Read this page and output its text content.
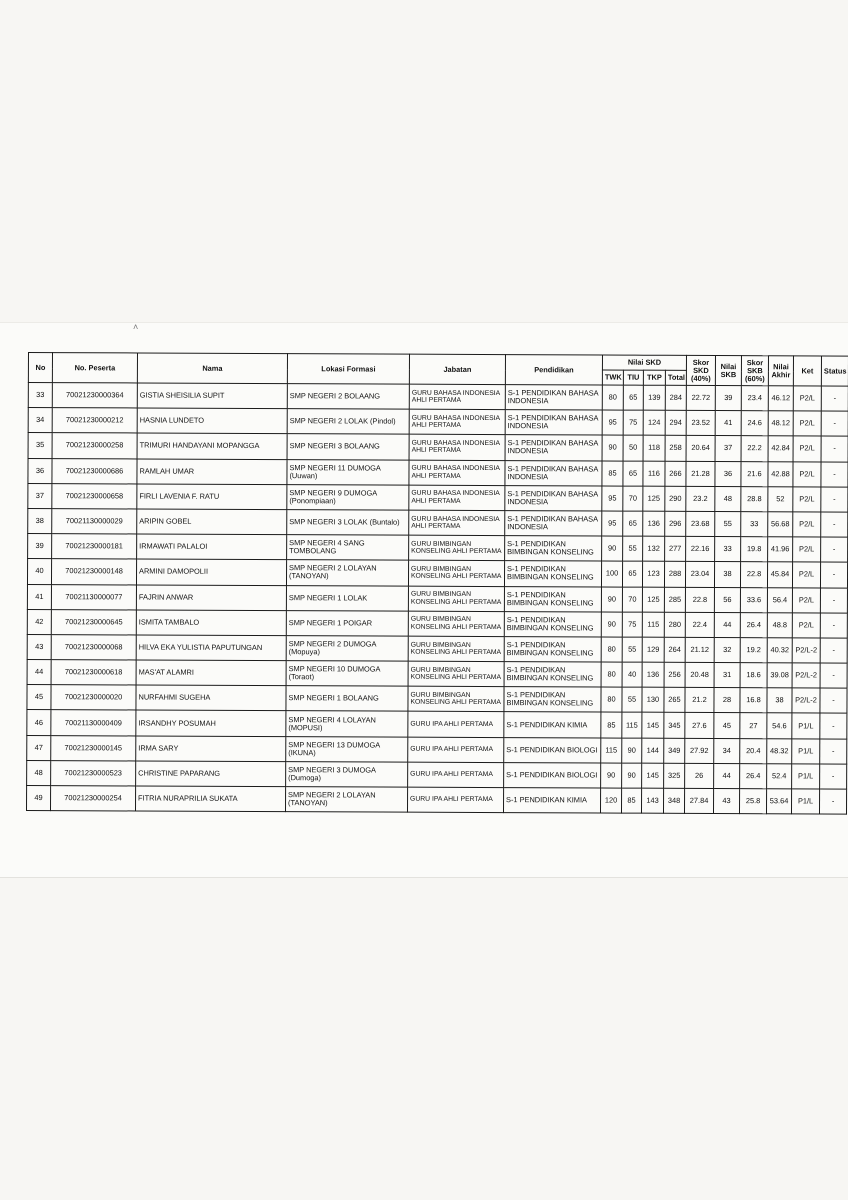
˄
No	No. Peserta	Nama	Lokasi Formasi	Jabatan	Pendidikan	Nilai SKD				Skor SKD (40%)	Nilai SKB	Skor SKB (60%)	Nilai Akhir	Ket	Status
						TWK	TIU	TKP	Total						
33	70021230000364	GISTIA SHEISILIA SUPIT	SMP NEGERI 2 BOLAANG	GURU BAHASA INDONESIA AHLI PERTAMA	S-1 PENDIDIKAN BAHASA INDONESIA	80	65	139	284	22.72	39	23.4	46.12	P2/L	-
34	70021230000212	HASNIA LUNDETO	SMP NEGERI 2 LOLAK (Pindol)	GURU BAHASA INDONESIA AHLI PERTAMA	S-1 PENDIDIKAN BAHASA INDONESIA	95	75	124	294	23.52	41	24.6	48.12	P2/L	-
35	70021230000258	TRIMURI HANDAYANI MOPANGGA	SMP NEGERI 3 BOLAANG	GURU BAHASA INDONESIA AHLI PERTAMA	S-1 PENDIDIKAN BAHASA INDONESIA	90	50	118	258	20.64	37	22.2	42.84	P2/L	-
36	70021230000686	RAMLAH UMAR	SMP NEGERI 11 DUMOGA (Uuwan)	GURU BAHASA INDONESIA AHLI PERTAMA	S-1 PENDIDIKAN BAHASA INDONESIA	85	65	116	266	21.28	36	21.6	42.88	P2/L	-
37	70021230000658	FIRLI LAVENIA F. RATU	SMP NEGERI 9 DUMOGA (Ponompiaan)	GURU BAHASA INDONESIA AHLI PERTAMA	S-1 PENDIDIKAN BAHASA INDONESIA	95	70	125	290	23.2	48	28.8	52	P2/L	-
38	70021130000029	ARIPIN GOBEL	SMP NEGERI 3 LOLAK (Buntalo)	GURU BAHASA INDONESIA AHLI PERTAMA	S-1 PENDIDIKAN BAHASA INDONESIA	95	65	136	296	23.68	55	33	56.68	P2/L	-
39	70021230000181	IRMAWATI PALALOI	SMP NEGERI 4 SANG TOMBOLANG	GURU BIMBINGAN KONSELING AHLI PERTAMA	S-1 PENDIDIKAN BIMBINGAN KONSELING	90	55	132	277	22.16	33	19.8	41.96	P2/L	-
40	70021230000148	ARMINI DAMOPOLII	SMP NEGERI 2 LOLAYAN (TANOYAN)	GURU BIMBINGAN KONSELING AHLI PERTAMA	S-1 PENDIDIKAN BIMBINGAN KONSELING	100	65	123	288	23.04	38	22.8	45.84	P2/L	-
41	70021130000077	FAJRIN ANWAR	SMP NEGERI 1 LOLAK	GURU BIMBINGAN KONSELING AHLI PERTAMA	S-1 PENDIDIKAN BIMBINGAN KONSELING	90	70	125	285	22.8	56	33.6	56.4	P2/L	-
42	70021230000645	ISMITA TAMBALO	SMP NEGERI 1 POIGAR	GURU BIMBINGAN KONSELING AHLI PERTAMA	S-1 PENDIDIKAN BIMBINGAN KONSELING	90	75	115	280	22.4	44	26.4	48.8	P2/L	-
43	70021230000068	HILVA EKA YULISTIA PAPUTUNGAN	SMP NEGERI 2 DUMOGA (Mopuya)	GURU BIMBINGAN KONSELING AHLI PERTAMA	S-1 PENDIDIKAN BIMBINGAN KONSELING	80	55	129	264	21.12	32	19.2	40.32	P2/L-2	-
44	70021230000618	MAS'AT ALAMRI	SMP NEGERI 10 DUMOGA (Toraot)	GURU BIMBINGAN KONSELING AHLI PERTAMA	S-1 PENDIDIKAN BIMBINGAN KONSELING	80	40	136	256	20.48	31	18.6	39.08	P2/L-2	-
45	70021230000020	NURFAHMI SUGEHA	SMP NEGERI 1 BOLAANG	GURU BIMBINGAN KONSELING AHLI PERTAMA	S-1 PENDIDIKAN BIMBINGAN KONSELING	80	55	130	265	21.2	28	16.8	38	P2/L-2	-
46	70021130000409	IRSANDHY POSUMAH	SMP NEGERI 4 LOLAYAN (MOPUSI)	GURU IPA AHLI PERTAMA	S-1 PENDIDIKAN KIMIA	85	115	145	345	27.6	45	27	54.6	P1/L	-
47	70021230000145	IRMA SARY	SMP NEGERI 13 DUMOGA (IKUNA)	GURU IPA AHLI PERTAMA	S-1 PENDIDIKAN BIOLOGI	115	90	144	349	27.92	34	20.4	48.32	P1/L	-
48	70021230000523	CHRISTINE PAPARANG	SMP NEGERI 3 DUMOGA (Dumoga)	GURU IPA AHLI PERTAMA	S-1 PENDIDIKAN BIOLOGI	90	90	145	325	26	44	26.4	52.4	P1/L	-
49	70021230000254	FITRIA NURAPRILIA SUKATA	SMP NEGERI 2 LOLAYAN (TANOYAN)	GURU IPA AHLI PERTAMA	S-1 PENDIDIKAN KIMIA	120	85	143	348	27.84	43	25.8	53.64	P1/L	-
